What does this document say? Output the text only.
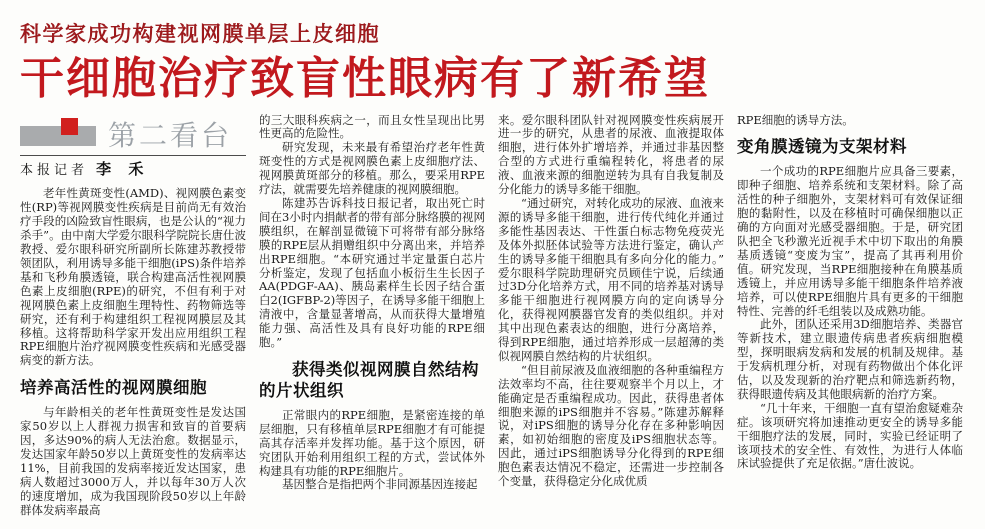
科学家成功构建视网膜单层上皮细胞
干细胞治疗致盲性眼病有了新希望
第二看台
本报记者 李 禾

老年性黄斑变性(AMD)、视网膜色素变性(RP)等视网膜变性疾病是目前尚无有效治疗手段的凶险致盲性眼病，也是公认的“视力杀手”。由中南大学爱尔眼科学院院长唐仕波教授、爱尔眼科研究所副所长陈建苏教授带领团队，利用诱导多能干细胞(iPS)条件培养基和飞秒角膜透镜，联合构建高活性视网膜色素上皮细胞(RPE)的研究，不但有利于对视网膜色素上皮细胞生理特性、药物筛选等研究，还有利于构建组织工程视网膜层及其移植。这将帮助科学家开发出应用组织工程RPE细胞片治疗视网膜变性疾病和光感受器病变的新方法。

培养高活性的视网膜细胞

与年龄相关的老年性黄斑变性是发达国家50岁以上人群视力损害和致盲的首要病因，多达90%的病人无法治愈。数据显示，发达国家年龄50岁以上黄斑变性的发病率达11%，目前我国的发病率接近发达国家，患病人数超过3000万人，并以每年30万人次的速度增加，成为我国现阶段50岁以上年龄群体发病率最高

的三大眼科疾病之一，而且女性呈现出比男性更高的危险性。

研究发现，未来最有希望治疗老年性黄斑变性的方式是视网膜色素上皮细胞疗法、视网膜黄斑部分的移植。那么，要采用RPE疗法，就需要先培养健康的视网膜细胞。

陈建苏告诉科技日报记者，取出死亡时间在3小时内捐献者的带有部分脉络膜的视网膜组织，在解剖显微镜下可将带有部分脉络膜的RPE层从捐赠组织中分离出来，并培养出RPE细胞。“本研究通过半定量蛋白芯片分析鉴定，发现了包括血小板衍生生长因子AA(PDGF-AA)、胰岛素样生长因子结合蛋白2(IGFBP-2)等因子，在诱导多能干细胞上清液中，含量显著增高，从而获得大量增殖能力强、高活性及具有良好功能的RPE细胞。”

获得类似视网膜自然结构的片状组织

正常眼内的RPE细胞，是紧密连接的单层细胞，只有移植单层RPE细胞才有可能提高其存活率并发挥功能。基于这个原因，研究团队开始利用组织工程的方式，尝试体外构建具有功能的RPE细胞片。

基因整合是指把两个非同源基因连接起

来。爱尔眼科团队针对视网膜变性疾病展开进一步的研究，从患者的尿液、血液提取体细胞，进行体外扩增培养，并通过非基因整合型的方式进行重编程转化，将患者的尿液、血液来源的细胞逆转为具有自我复制及分化能力的诱导多能干细胞。

“通过研究，对转化成功的尿液、血液来源的诱导多能干细胞，进行传代纯化并通过多能性基因表达、干性蛋白标志物免疫荧光及体外拟胚体试验等方法进行鉴定，确认产生的诱导多能干细胞具有多向分化的能力。”爱尔眼科学院助理研究员顾佳宁说，后续通过3D分化培养方式，用不同的培养基对诱导多能干细胞进行视网膜方向的定向诱导分化，获得视网膜器官发育的类似组织。并对其中出现色素表达的细胞，进行分离培养，得到RPE细胞，通过培养形成一层超薄的类似视网膜自然结构的片状组织。

“但目前尿液及血液细胞的各种重编程方法效率均不高，往往要观察半个月以上，才能确定是否重编程成功。因此，获得患者体细胞来源的iPS细胞并不容易。”陈建苏解释说，对iPS细胞的诱导分化存在多种影响因素，如初始细胞的密度及iPS细胞状态等。因此，通过iPS细胞诱导分化得到的RPE细胞色素表达情况不稳定，还需进一步控制各个变量，获得稳定分化成优质

RPE细胞的诱导方法。

变角膜透镜为支架材料

一个成功的RPE细胞片应具备三要素，即种子细胞、培养系统和支架材料。除了高活性的种子细胞外，支架材料可有效保证细胞的黏附性，以及在移植时可确保细胞以正确的方向面对光感受器细胞。于是，研究团队把全飞秒激光近视手术中切下取出的角膜基质透镜“变废为宝”，提高了其再利用价值。研究发现，当RPE细胞接种在角膜基质透镜上，并应用诱导多能干细胞条件培养液培养，可以使RPE细胞片具有更多的干细胞特性、完善的纤毛组装以及成熟功能。

此外，团队还采用3D细胞培养、类器官等新技术，建立眼遗传病患者疾病细胞模型，探明眼病发病和发展的机制及规律。基于发病机理分析，对现有药物做出个体化评估，以及发现新的治疗靶点和筛选新药物，获得眼遗传病及其他眼病新的治疗方案。

“几十年来，干细胞一直有望治愈疑难杂症。该项研究将加速推动更安全的诱导多能干细胞疗法的发展，同时，实验已经证明了该项技术的安全性、有效性，为进行人体临床试验提供了充足依据。”唐仕波说。
